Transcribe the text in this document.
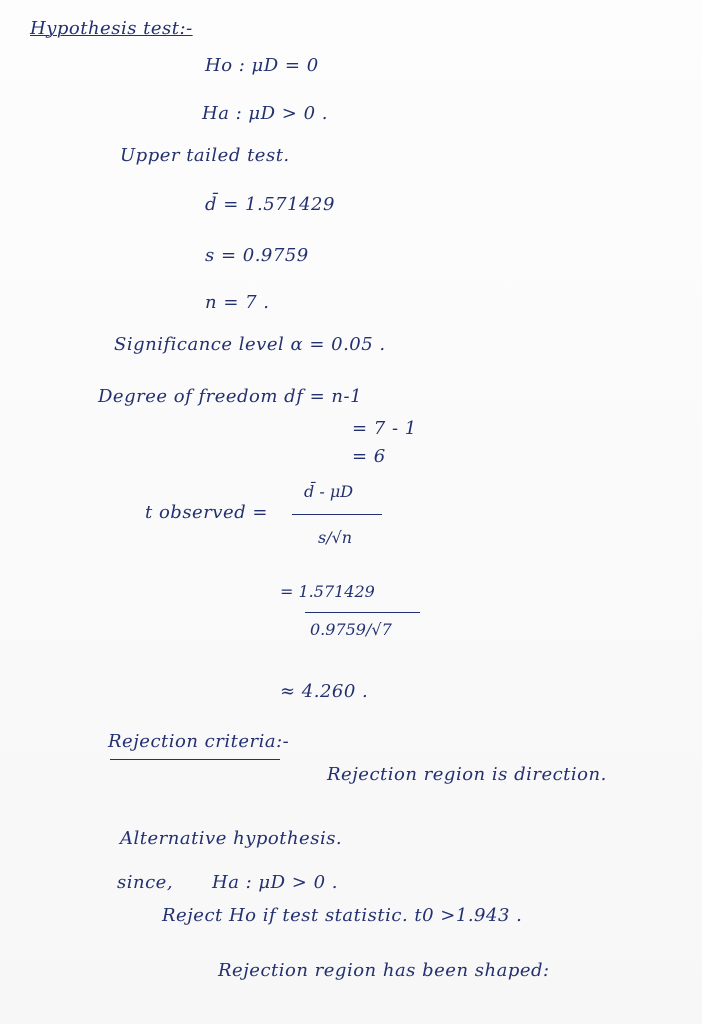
Hypothesis test:-
Ho : μD = 0
Ha : μD > 0 .
Upper tailed test.
d̄ = 1.571429
s = 0.9759
n = 7 .
Significance level α = 0.05 .
Degree of freedom df = n-1
= 7 - 1
= 6
t observed =
d̄ - μD
s/√n
= 1.571429
0.9759/√7
≈ 4.260 .
Rejection criteria:-
Rejection region is direction.
Alternative hypothesis.
since, Ha : μD > 0 .
Reject Ho if test statistic. t0 >1.943 .
Rejection region has been shaped:
